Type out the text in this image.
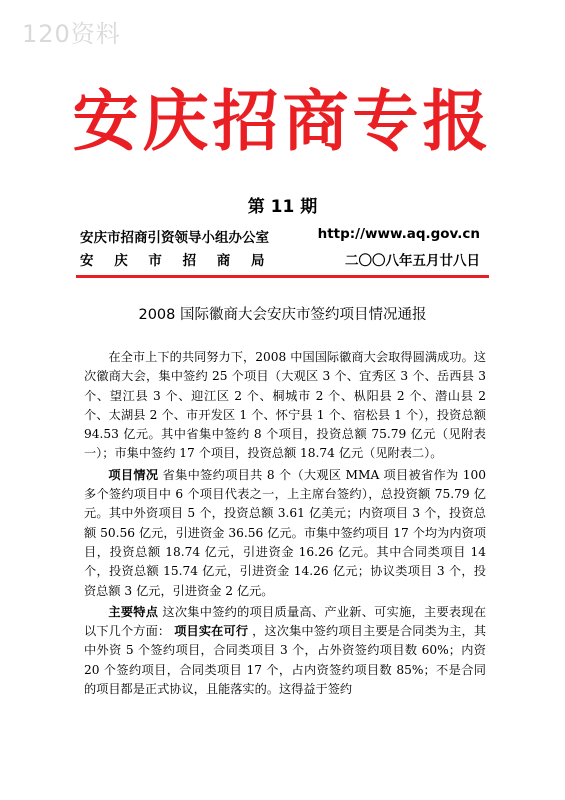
120资料
安庆招商专报
第 11 期
安庆市招商引资领导小组办公室	http://www.aq.gov.cn
安 庆 市 招 商 局	二〇〇八年五月廿八日
2008 国际徽商大会安庆市签约项目情况通报

在全市上下的共同努力下，2008 中国国际徽商大会取得圆满成功。这次徽商大会，集中签约 25 个项目（大观区 3 个、宜秀区 3 个、岳西县 3 个、望江县 3 个、迎江区 2 个、桐城市 2 个、枞阳县 2 个、潜山县 2 个、太湖县 2 个、市开发区 1 个、怀宁县 1 个、宿松县 1 个），投资总额 94.53 亿元。其中省集中签约 8 个项目，投资总额 75.79 亿元（见附表一）；市集中签约 17 个项目，投资总额 18.74 亿元（见附表二）。

项目情况 省集中签约项目共 8 个（大观区 MMA 项目被省作为 100 多个签约项目中 6 个项目代表之一，上主席台签约），总投资额 75.79 亿元。其中外资项目 5 个，投资总额 3.61 亿美元；内资项目 3 个，投资总额 50.56 亿元，引进资金 36.56 亿元。市集中签约项目 17 个均为内资项目，投资总额 18.74 亿元，引进资金 16.26 亿元。其中合同类项目 14 个，投资总额 15.74 亿元，引进资金 14.26 亿元；协议类项目 3 个，投资总额 3 亿元，引进资金 2 亿元。

主要特点 这次集中签约的项目质量高、产业新、可实施，主要表现在以下几个方面： 项目实在可行 ，这次集中签约项目主要是合同类为主，其中外资 5 个签约项目，合同类项目 3 个，占外资签约项目数 60%；内资 20 个签约项目，合同类项目 17 个，占内资签约项目数 85%；不是合同的项目都是正式协议，且能落实的。这得益于签约
